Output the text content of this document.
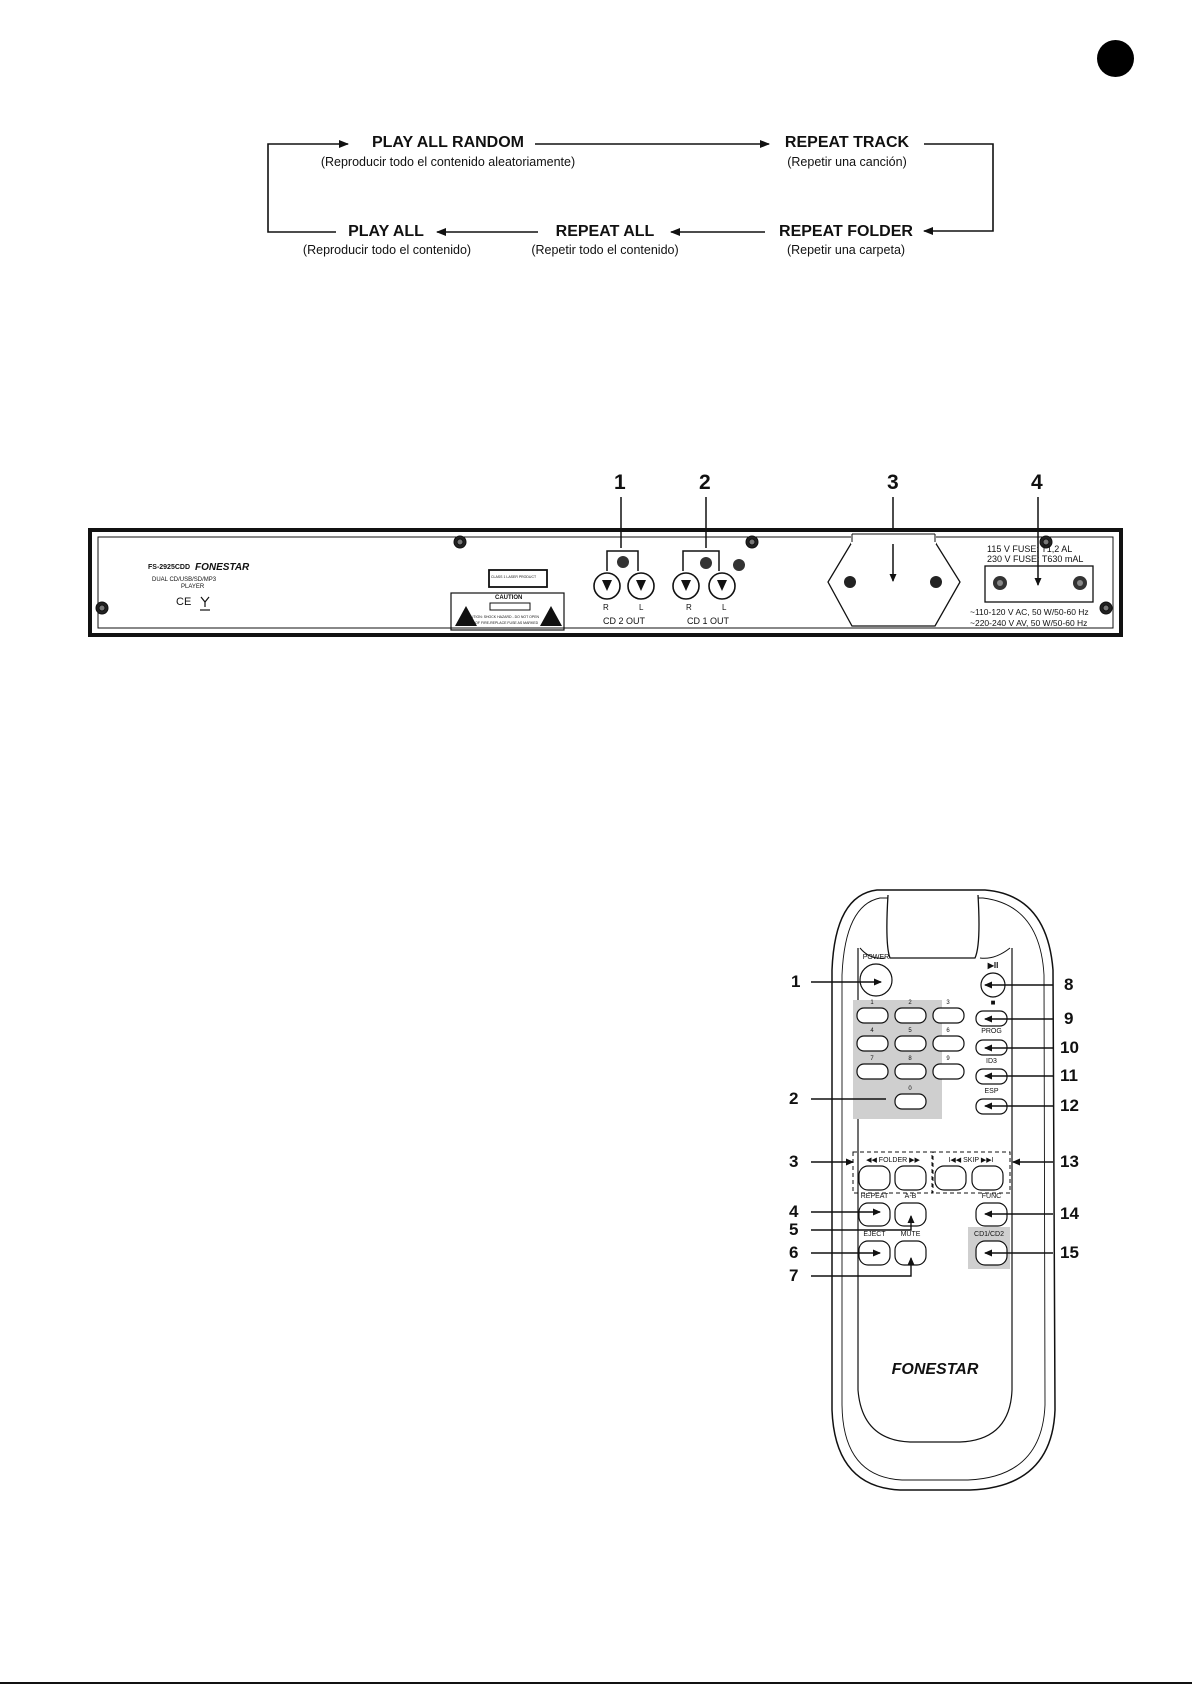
PLAY ALL RANDOM
(Reproducir todo el contenido aleatoriamente)
REPEAT TRACK
(Repetir una canción)
PLAY ALL
(Reproducir todo el contenido)
REPEAT ALL
(Repetir todo el contenido)
REPEAT FOLDER
(Repetir una carpeta)
1	2	3	4
FS-2925CDD FONESTAR
DUAL CD/USB/SD/MP3
PLAYER
CE
CLASS 1 LASER PRODUCT
CAUTION
CAUTION: SHOCK HAZARD - DO NOT OPEN
RISK OF FIRE-REPLACE FUSE AS MARKED
R	L
CD 2 OUT
R	L
CD 1 OUT
115 V FUSE: T1,2 AL
230 V FUSE: T630 mAL
~110-120 V AC, 50 W/50-60 Hz
~220-240 V AV, 50 W/50-60 Hz
POWER
▶II
■
PROG
ID3
ESP
◀◀ FOLDER ▶▶	I◀◀ SKIP ▶▶I
REPEAT	A-B	FUNC
EJECT	MUTE	CD1/CD2
FONESTAR
1	2	3
4	5	6
7	8	9
0
1
2
3
4
5
6
7
8
9
10
11
12
13
14
15
